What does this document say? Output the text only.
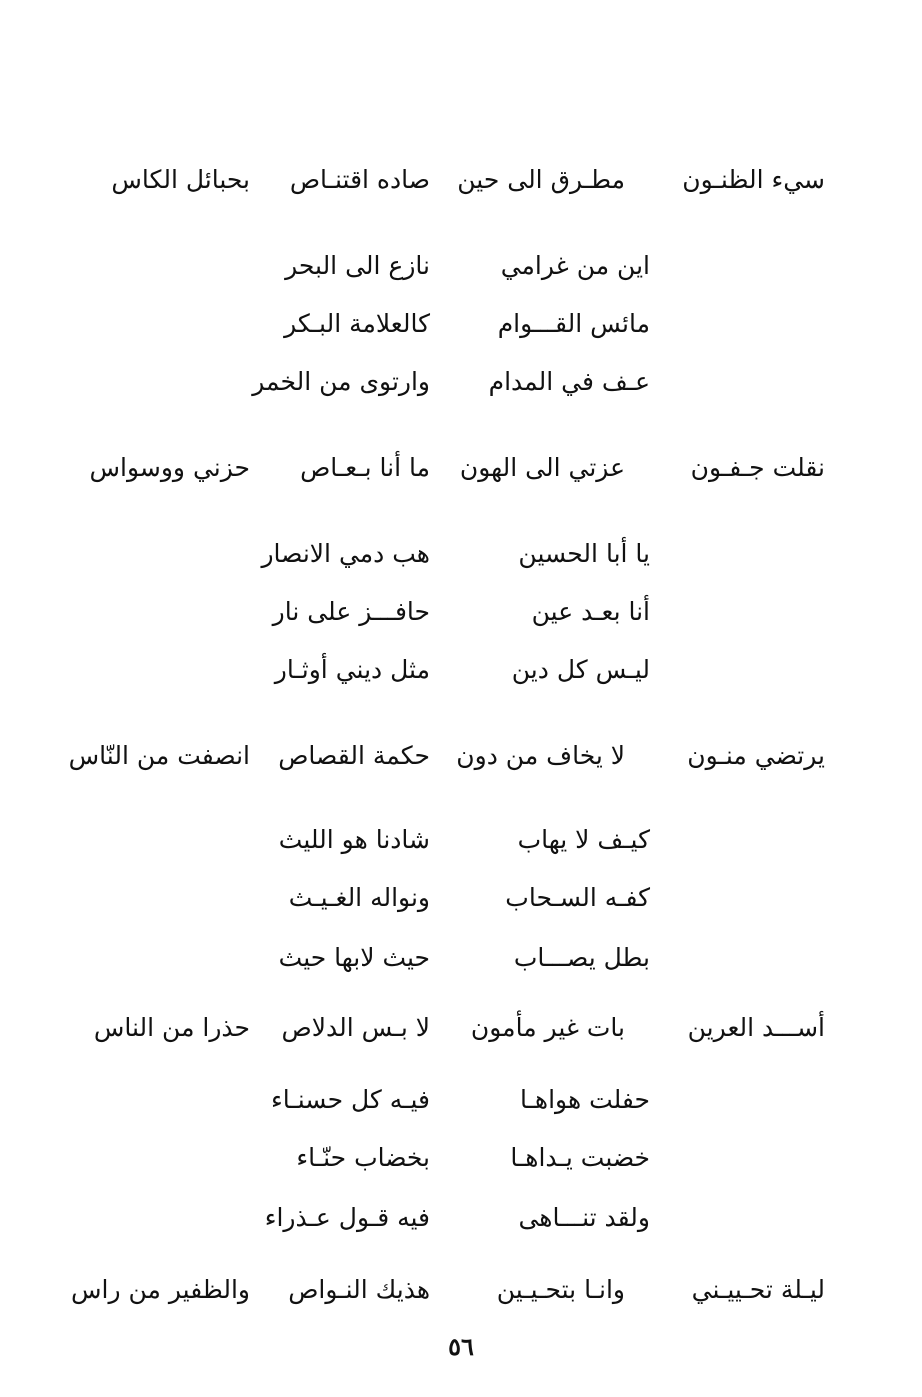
سيء الظنـون
مطـرق الى حين
صاده اقتنـاص
بحبائل الكاس
اين من غرامي
نازع الى البحر
مائس القـــوام
كالعلامة البـكر
عـف في المدام
وارتوى من الخمر
نقلت جـفـون
عزتي الى الهون
ما أنا بـعـاص
حزني ووسواس
يا أبا الحسين
هب دمي الانصار
أنا بعـد عين
حافـــز على نار
ليـس كل دين
مثل ديني أوثـار
يرتضي منـون
لا يخاف من دون
حكمة القصاص
انصفت من النّاس
كيـف لا يهاب
شادنا هو الليث
كفـه السـحاب
ونواله الغـيـث
بطل يصـــاب
حيث لابها حيث
أســـد العرين
بات غير مأمون
لا بـس الدلاص
حذرا من الناس
حفلت هواهـا
فيـه كل حسنـاء
خضبت يـداهـا
بخضاب حنّـاء
ولقد تنـــاهى
فيه قـول عـذراء
ليـلة تحـييـني
وانـا بتحـيـين
هذيك النـواص
والظفير من راس
٥٦
